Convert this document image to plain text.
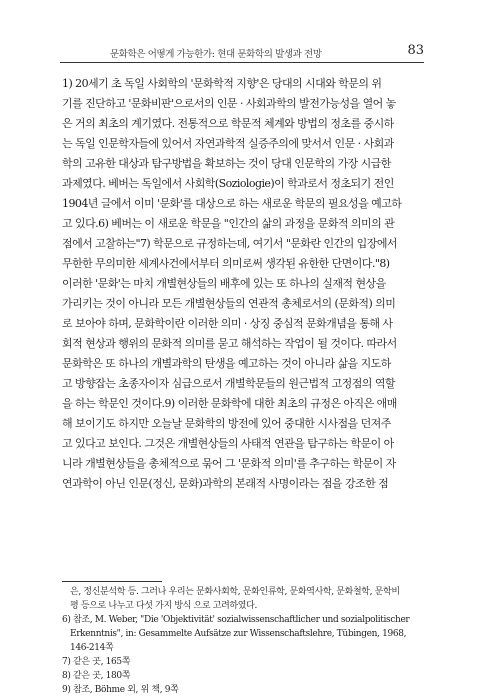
문화학은 어떻게 가능한가: 현대 문화학의 발생과 전망	83
1) 20세기 초 독일 사회학의 '문화학적 지향'은 당대의 시대와 학문의 위
기를 진단하고 '문화비판'으로서의 인문 · 사회과학의 발전가능성을 열어 놓
은 거의 최초의 계기였다. 전통적으로 학문적 체계와 방법의 정초를 중시하
는 독일 인문학자들에 있어서 자연과학적 실증주의에 맞서서 인문 · 사회과
학의 고유한 대상과 탐구방법을 확보하는 것이 당대 인문학의 가장 시급한
과제였다. 베버는 독일에서 사회학(Soziologie)이 학과로서 정초되기 전인
1904년 글에서 이미 '문화'를 대상으로 하는 새로운 학문의 필요성을 예고하
고 있다.6) 베버는 이 새로운 학문을 "인간의 삶의 과정을 문화적 의미의 관
점에서 고찰하는"7) 학문으로 규정하는데, 여기서 "문화란 인간의 입장에서
무한한 무의미한 세계사건에서부터 의미로써 생각된 유한한 단면이다."8)
이러한 '문화'는 마치 개별현상들의 배후에 있는 또 하나의 실재적 현상을
가리키는 것이 아니라 모든 개별현상들의 연관적 총체로서의 (문화적) 의미
로 보아야 하며, 문화학이란 이러한 의미 · 상징 중심적 문화개념을 통해 사
회적 현상과 행위의 문화적 의미를 묻고 해석하는 작업이 될 것이다. 따라서
문화학은 또 하나의 개별과학의 탄생을 예고하는 것이 아니라 삶을 지도하
고 방향잡는 초종자이자 심급으로서 개별학문들의 원근법적 고정점의 역할
을 하는 학문인 것이다.9) 이러한 문화학에 대한 최초의 규정은 아직은 애매
해 보이기도 하지만 오늘날 문화학의 방전에 있어 중대한 시사점을 던져주
고 있다고 보인다. 그것은 개별현상들의 사태적 연관을 탐구하는 학문이 아
니라 개별현상들을 총체적으로 묶어 그 '문화적 의미'를 추구하는 학문이 자
연과학이 아닌 인문(정신, 문화)과학의 본래적 사명이라는 점을 강조한 점
은, 정신분석학 등. 그러나 우리는 문화사회학, 문화인류학, 문화역사학, 문화철학, 문학비
평 등으로 나누고 다섯 가지 방식 으로 고려하였다.
6) 참조, M. Weber, "Die 'Objektivität' sozialwissenschaftlicher und sozialpolitischer
Erkenntnis", in: Gesammelte Aufsätze zur Wissenschaftslehre, Tübingen, 1968,
146-214쪽
7) 같은 곳, 165쪽
8) 같은 곳, 180쪽
9) 참조, Böhme 외, 위 책, 9쪽
